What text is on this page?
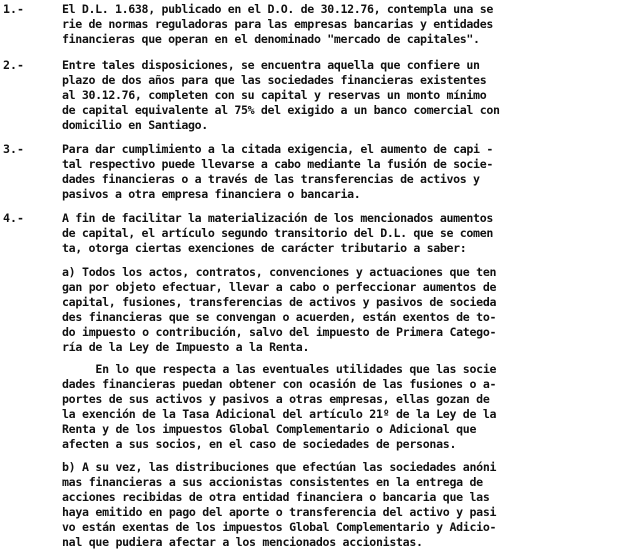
1.-	El D.L. 1.638, publicado en el D.O. de 30.12.76, contempla una se
rie de normas reguladoras para las empresas bancarias y entidades
financieras que operan en el denominado "mercado de capitales".
2.-	Entre tales disposiciones, se encuentra aquella que confiere un
plazo de dos años para que las sociedades financieras existentes
al 30.12.76, completen con su capital y reservas un monto mínimo
de capital equivalente al 75% del exigido a un banco comercial con
domicilio en Santiago.
3.-	Para dar cumplimiento a la citada exigencia, el aumento de capi -
tal respectivo puede llevarse a cabo mediante la fusión de socie-
dades financieras o a través de las transferencias de activos y
pasivos a otra empresa financiera o bancaria.
4.-	A fin de facilitar la materialización de los mencionados aumentos
de capital, el artículo segundo transitorio del D.L. que se comen
ta, otorga ciertas exenciones de carácter tributario a saber:
a) Todos los actos, contratos, convenciones y actuaciones que ten
gan por objeto efectuar, llevar a cabo o perfeccionar aumentos de
capital, fusiones, transferencias de activos y pasivos de socieda
des financieras que se convengan o acuerden, están exentos de to-
do impuesto o contribución, salvo del impuesto de Primera Catego-
ría de la Ley de Impuesto a la Renta.
En lo que respecta a las eventuales utilidades que las socie
dades financieras puedan obtener con ocasión de las fusiones o a-
portes de sus activos y pasivos a otras empresas, ellas gozan de
la exención de la Tasa Adicional del artículo 21º de la Ley de la
Renta y de los impuestos Global Complementario o Adicional que
afecten a sus socios, en el caso de sociedades de personas.
b) A su vez, las distribuciones que efectúan las sociedades anóni
mas financieras a sus accionistas consistentes en la entrega de
acciones recibidas de otra entidad financiera o bancaria que las
haya emitido en pago del aporte o transferencia del activo y pasi
vo están exentas de los impuestos Global Complementario y Adicio-
nal que pudiera afectar a los mencionados accionistas.
